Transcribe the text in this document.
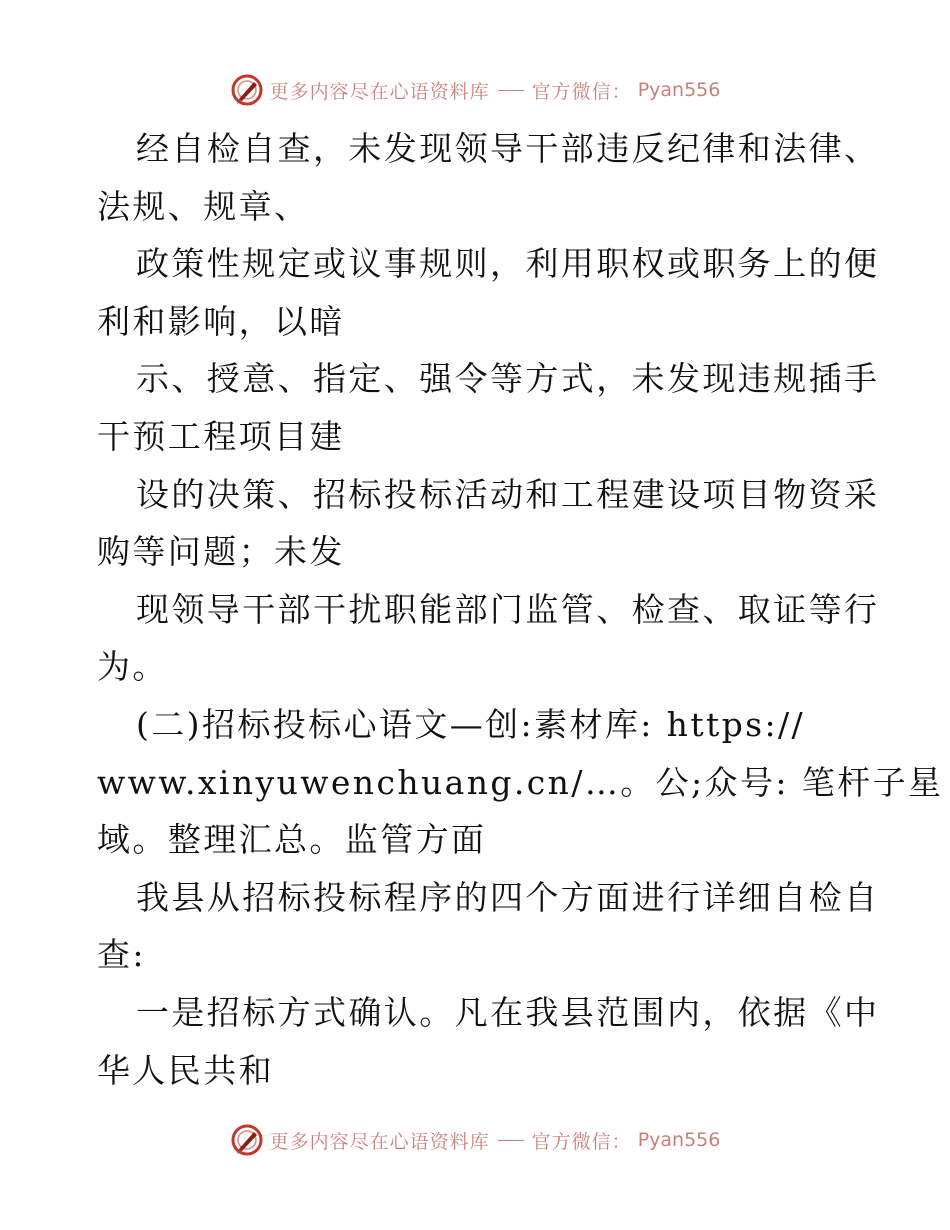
更多内容尽在心语资料库 官方微信： Pyan556
经自检自查，未发现领导干部违反纪律和法律、
法规、规章、
政策性规定或议事规则，利用职权或职务上的便
利和影响，以暗
示、授意、指定、强令等方式，未发现违规插手
干预工程项目建
设的决策、招标投标活动和工程建设项目物资采
购等问题；未发
现领导干部干扰职能部门监管、检查、取证等行
为。
(二)招标投标心语文—创:素材库: https://
www.xinyuwenchuang.cn/…。公;众号: 笔杆子星
域。整理汇总。监管方面
我县从招标投标程序的四个方面进行详细自检自
查:
一是招标方式确认。凡在我县范围内，依据《中
华人民共和
更多内容尽在心语资料库 官方微信： Pyan556
